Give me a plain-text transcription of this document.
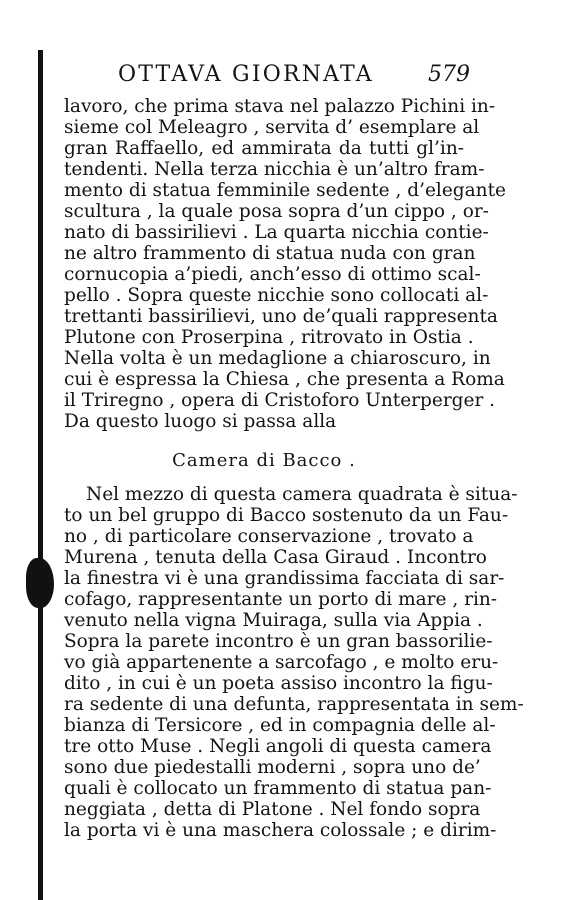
OTTAVA GIORNATA 579
lavoro, che prima stava nel palazzo Pichini in-
sieme col Meleagro , servita d’ esemplare al
gran Raffaello, ed ammirata da tutti gl’in-
tendenti. Nella terza nicchia è un’altro fram-
mento di statua femminile sedente , d’elegante
scultura , la quale posa sopra d’un cippo , or-
nato di bassirilievi . La quarta nicchia contie-
ne altro frammento di statua nuda con gran
cornucopia a’piedi, anch’esso di ottimo scal-
pello . Sopra queste nicchie sono collocati al-
trettanti bassirilievi, uno de’quali rappresenta
Plutone con Proserpina , ritrovato in Ostia .
Nella volta è un medaglione a chiaroscuro, in
cui è espressa la Chiesa , che presenta a Roma
il Triregno , opera di Cristoforo Unterperger .
Da questo luogo si passa alla
Camera di Bacco .
Nel mezzo di questa camera quadrata è situa-
to un bel gruppo di Bacco sostenuto da un Fau-
no , di particolare conservazione , trovato a
Murena , tenuta della Casa Giraud . Incontro
la finestra vi è una grandissima facciata di sar-
cofago, rappresentante un porto di mare , rin-
venuto nella vigna Muiraga, sulla via Appia .
Sopra la parete incontro è un gran bassorilie-
vo già appartenente a sarcofago , e molto eru-
dito , in cui è un poeta assiso incontro la figu-
ra sedente di una defunta, rappresentata in sem-
bianza di Tersicore , ed in compagnia delle al-
tre otto Muse . Negli angoli di questa camera
sono due piedestalli moderni , sopra uno de’
quali è collocato un frammento di statua pan-
neggiata , detta di Platone . Nel fondo sopra
la porta vi è una maschera colossale ; e dirim-
